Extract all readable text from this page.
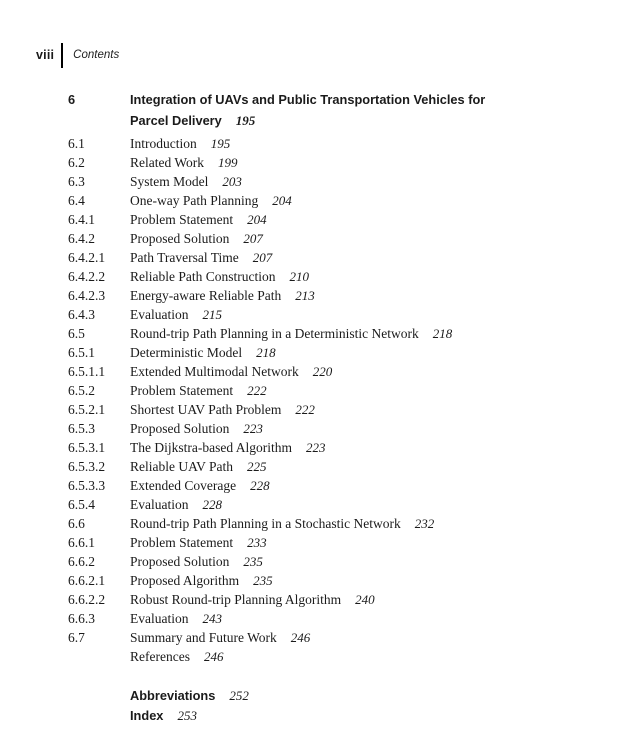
viii Contents
6	Integration of UAVs and Public Transportation Vehicles for
Parcel Delivery 195
6.1	Introduction 195
6.2	Related Work 199
6.3	System Model 203
6.4	One-way Path Planning 204
6.4.1	Problem Statement 204
6.4.2	Proposed Solution 207
6.4.2.1	Path Traversal Time 207
6.4.2.2	Reliable Path Construction 210
6.4.2.3	Energy-aware Reliable Path 213
6.4.3	Evaluation 215
6.5	Round-trip Path Planning in a Deterministic Network 218
6.5.1	Deterministic Model 218
6.5.1.1	Extended Multimodal Network 220
6.5.2	Problem Statement 222
6.5.2.1	Shortest UAV Path Problem 222
6.5.3	Proposed Solution 223
6.5.3.1	The Dijkstra-based Algorithm 223
6.5.3.2	Reliable UAV Path 225
6.5.3.3	Extended Coverage 228
6.5.4	Evaluation 228
6.6	Round-trip Path Planning in a Stochastic Network 232
6.6.1	Problem Statement 233
6.6.2	Proposed Solution 235
6.6.2.1	Proposed Algorithm 235
6.6.2.2	Robust Round-trip Planning Algorithm 240
6.6.3	Evaluation 243
6.7	Summary and Future Work 246
References 246
Abbreviations 252
Index 253
